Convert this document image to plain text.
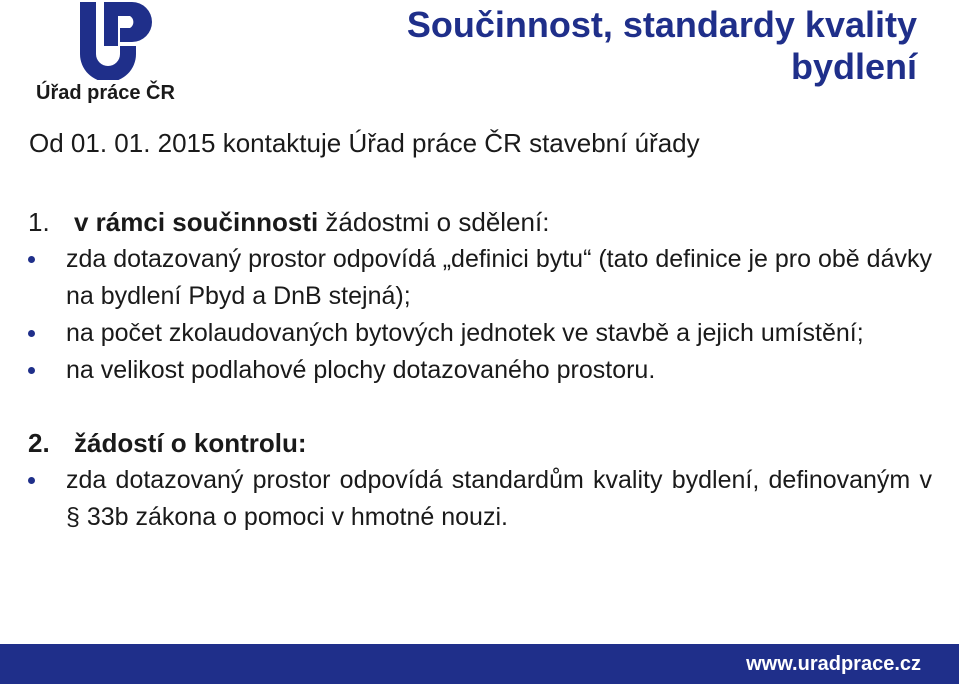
Úřad práce ČR
Součinnost, standardy kvality
bydlení
Od 01. 01. 2015 kontaktuje Úřad práce ČR stavební úřady

1. v rámci součinnosti žádostmi o sdělení:

zda dotazovaný prostor odpovídá „definici bytu“ (tato definice je pro obě dávky na bydlení Pbyd a DnB stejná);
na počet zkolaudovaných bytových jednotek ve stavbě a jejich umístění;
na velikost podlahové plochy dotazovaného prostoru.

2. žádostí o kontrolu:

zda dotazovaný prostor odpovídá standardům kvality bydlení, definovaným v § 33b zákona o pomoci v hmotné nouzi.
www.uradprace.cz
